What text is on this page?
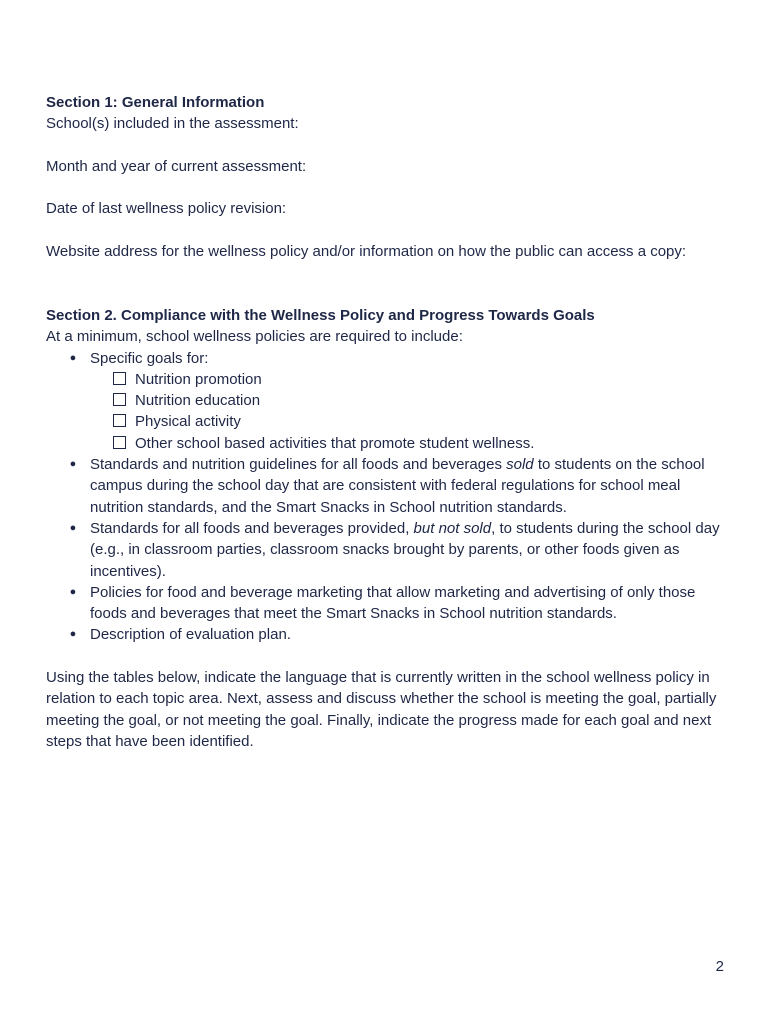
Section 1: General Information
School(s) included in the assessment:
Month and year of current assessment:
Date of last wellness policy revision:
Website address for the wellness policy and/or information on how the public can access a copy:
Section 2. Compliance with the Wellness Policy and Progress Towards Goals
At a minimum, school wellness policies are required to include:
● Specific goals for:
Nutrition promotion
Nutrition education
Physical activity
Other school based activities that promote student wellness.
● Standards and nutrition guidelines for all foods and beverages sold to students on the school campus during the school day that are consistent with federal regulations for school meal nutrition standards, and the Smart Snacks in School nutrition standards.
● Standards for all foods and beverages provided, but not sold, to students during the school day (e.g., in classroom parties, classroom snacks brought by parents, or other foods given as incentives).
● Policies for food and beverage marketing that allow marketing and advertising of only those foods and beverages that meet the Smart Snacks in School nutrition standards.
● Description of evaluation plan.
Using the tables below, indicate the language that is currently written in the school wellness policy in relation to each topic area. Next, assess and discuss whether the school is meeting the goal, partially meeting the goal, or not meeting the goal. Finally, indicate the progress made for each goal and next steps that have been identified.
2
